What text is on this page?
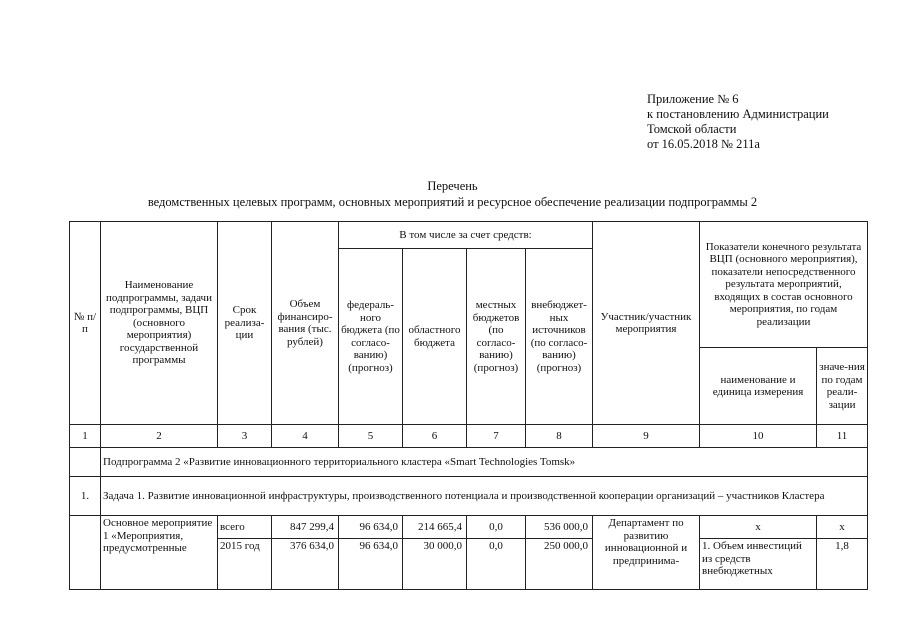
Приложение № 6
к постановлению Администрации
Томской области
от 16.05.2018 № 211а
Перечень
ведомственных целевых программ, основных мероприятий и ресурсное обеспечение реализации подпрограммы 2
№ п/п	Наименование подпрограммы, задачи подпрограммы, ВЦП (основного мероприятия) государственной программы	Срок реализа-ции	Объем финансиро-вания (тыс. рублей)	В том числе за счет средств:				Участник/участник мероприятия	Показатели конечного результата ВЦП (основного мероприятия), показатели непосредственного результата мероприятий, входящих в состав основного мероприятия, по годам реализации	
				федераль-ного бюджета (по согласо-ванию) (прогноз)	областного бюджета	местных бюджетов (по согласо-ванию) (прогноз)	внебюджет-ных источников (по согласо-ванию) (прогноз)			
									наименование и единица измерения	значе-ния по годам реали-зации
1	2	3	4	5	6	7	8	9	10	11
	Подпрограмма 2 «Развитие инновационного территориального кластера «Smart Technologies Tomsk»									
1.	Задача 1. Развитие инновационной инфраструктуры, производственного потенциала и производственной кооперации организаций – участников Кластера									
	Основное мероприятие 1 «Мероприятия, предусмотренные	всего	847 299,4	96 634,0	214 665,4	0,0	536 000,0	Департамент по развитию инновационной и предпринима-	х	х
		2015 год	376 634,0	96 634,0	30 000,0	0,0	250 000,0		1. Объем инвестиций из средств внебюджетных	1,8
